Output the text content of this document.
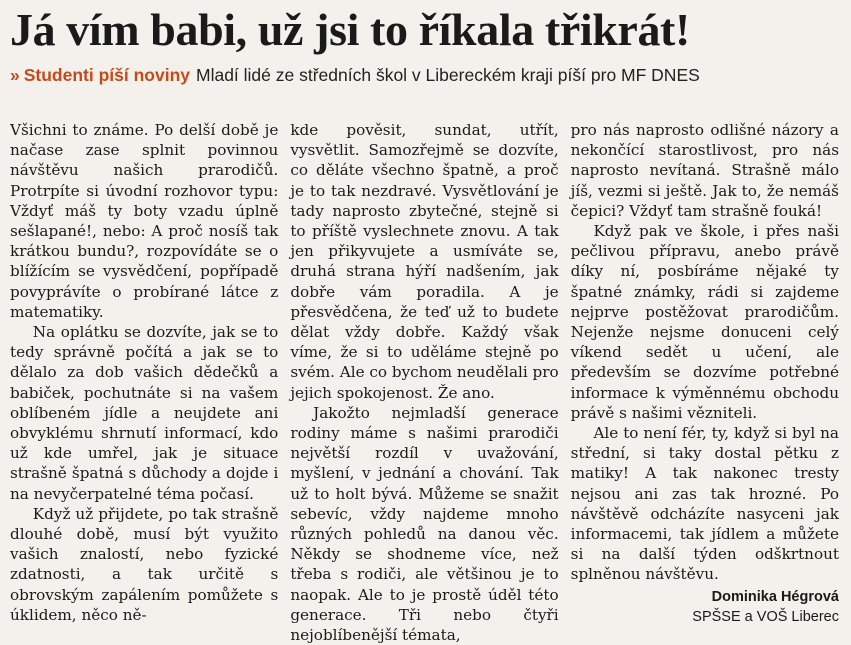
Já vím babi, už jsi to říkala třikrát!
» Studenti píší noviny Mladí lidé ze středních škol v Libereckém kraji píší pro MF DNES

Všichni to známe. Po delší době je načase zase splnit povinnou návštěvu našich prarodičů. Protrpíte si úvodní rozhovor typu: Vždyť máš ty boty vzadu úplně sešlapané!, nebo: A proč nosíš tak krátkou bundu?, rozpovídáte se o blížícím se vysvědčení, popřípadě povyprávíte o probírané látce z matematiky.

Na oplátku se dozvíte, jak se to tedy správně počítá a jak se to dělalo za dob vašich dědečků a babiček, pochutnáte si na vašem oblíbeném jídle a neujdete ani obvyklému shrnutí informací, kdo už kde umřel, jak je situace strašně špatná s důchody a dojde i na nevyčerpatelné téma počasí.

Když už přijdete, po tak strašně dlouhé době, musí být využito vašich znalostí, nebo fyzické zdatnosti, a tak určitě s obrovským zapálením pomůžete s úklidem, něco ně-

kde pověsit, sundat, utřít, vysvětlit. Samozřejmě se dozvíte, co děláte všechno špatně, a proč je to tak nezdravé. Vysvětlování je tady naprosto zbytečné, stejně si to příště vyslechnete znovu. A tak jen přikyvujete a usmíváte se, druhá strana hýří nadšením, jak dobře vám poradila. A je přesvědčena, že teď už to budete dělat vždy dobře. Každý však víme, že si to uděláme stejně po svém. Ale co bychom neudělali pro jejich spokojenost. Že ano.

Jakožto nejmladší generace rodiny máme s našimi prarodiči největší rozdíl v uvažování, myšlení, v jednání a chování. Tak už to holt bývá. Můžeme se snažit sebevíc, vždy najdeme mnoho různých pohledů na danou věc. Někdy se shodneme více, než třeba s rodiči, ale většinou je to naopak. Ale to je prostě úděl této generace. Tři nebo čtyři nejoblíbenější témata,

pro nás naprosto odlišné názory a nekončící starostlivost, pro nás naprosto nevítaná. Strašně málo jíš, vezmi si ještě. Jak to, že nemáš čepici? Vždyť tam strašně fouká!

Když pak ve škole, i přes naši pečlivou přípravu, anebo právě díky ní, posbíráme nějaké ty špatné známky, rádi si zajdeme nejprve postěžovat prarodičům. Nejenže nejsme donuceni celý víkend sedět u učení, ale především se dozvíme potřebné informace k výměnnému obchodu právě s našimi vězniteli.

Ale to není fér, ty, když si byl na střední, si taky dostal pětku z matiky! A tak nakonec tresty nejsou ani zas tak hrozné. Po návštěvě odcházíte nasyceni jak informacemi, tak jídlem a můžete si na další týden odškrtnout splněnou návštěvu.

Dominika Hégrová
SPŠSE a VOŠ Liberec
